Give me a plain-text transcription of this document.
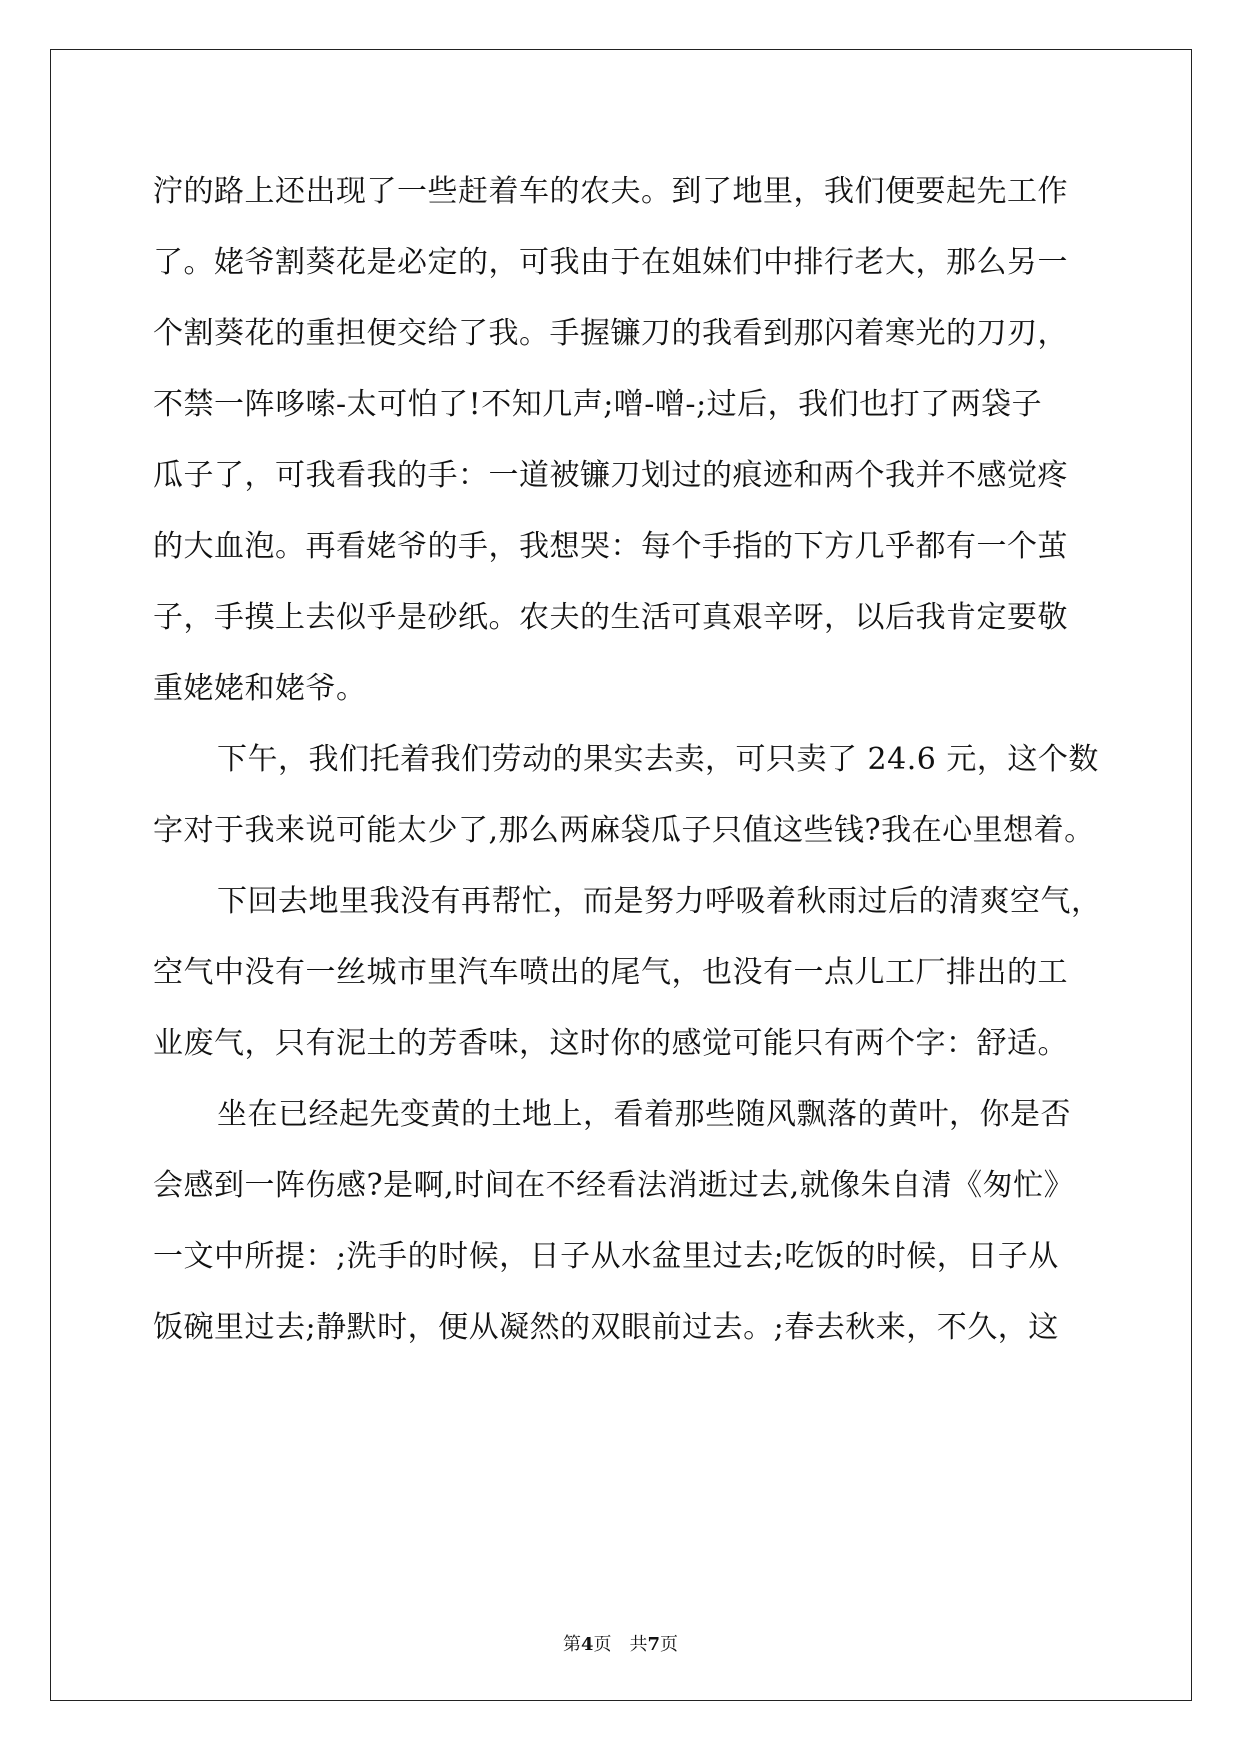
泞的路上还出现了一些赶着车的农夫。到了地里，我们便要起先工作
了。姥爷割葵花是必定的，可我由于在姐妹们中排行老大，那么另一
个割葵花的重担便交给了我。手握镰刀的我看到那闪着寒光的刀刃，
不禁一阵哆嗦-太可怕了!不知几声;噌-噌-;过后，我们也打了两袋子
瓜子了，可我看我的手：一道被镰刀划过的痕迹和两个我并不感觉疼
的大血泡。再看姥爷的手，我想哭：每个手指的下方几乎都有一个茧
子，手摸上去似乎是砂纸。农夫的生活可真艰辛呀，以后我肯定要敬
重姥姥和姥爷。
下午，我们托着我们劳动的果实去卖，可只卖了 24.6 元，这个数
字对于我来说可能太少了,那么两麻袋瓜子只值这些钱?我在心里想着。
下回去地里我没有再帮忙，而是努力呼吸着秋雨过后的清爽空气，
空气中没有一丝城市里汽车喷出的尾气，也没有一点儿工厂排出的工
业废气，只有泥土的芳香味，这时你的感觉可能只有两个字：舒适。
坐在已经起先变黄的土地上，看着那些随风飘落的黄叶，你是否
会感到一阵伤感?是啊,时间在不经看法消逝过去,就像朱自清《匆忙》
一文中所提：;洗手的时候，日子从水盆里过去;吃饭的时候，日子从
饭碗里过去;静默时，便从凝然的双眼前过去。;春去秋来，不久，这
第4页 共7页
